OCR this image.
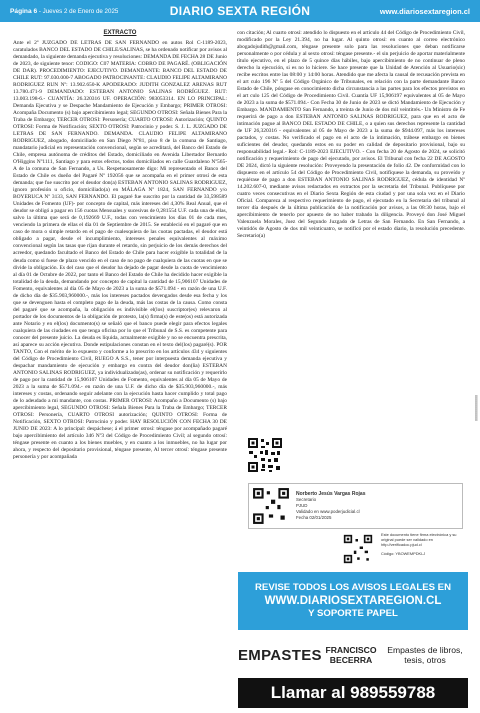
Página 6 - Jueves 2 de Enero de 2025	DIARIO SEXTA REGIÓN	www.diariosextaregion.cl
EXTRACTO

Ante el 2º JUZGADO DE LETRAS DE SAN FERNANDO en autos Rol C-1189-2023, caratulados BANCO DEL ESTADO DE CHILE/SALINAS, se ha ordenado notificar por avisos al demandado, la siguiente demanda ejecutiva y resoluciones: DEMANDA DE FECHA 28 DE Junio de 2023, de siguiente tenor: CODIGO: C07 MATERIA: COBRO DE PAGARÉ. (OBLIGACIÓN DE DAR). PROCEDIMIENTO: EJECUTIVO. DEMANDANTE: BANCO DEL ESTADO DE CHILE RUT: 97.030.000-7 ABOGADO PATROCINANTE: CLAUDIO FELIPE ALTAMIRANO RODRIGUEZ RUN Nº: 13.902.650-K APODERADO: JUDITH GONZALEZ ARENAS RUT 13.780.471-9 DEMANDADO: ESTEBAN ANTONIO SALINAS RODRÍGUEZ. RUT: 13.003.198-6.- CUANTÍA: 26.320316 UF. OPERACIÓN: 983053314. EN LO PRINCIPAL: Demanda Ejecutiva y se Despache Mandamiento de Ejecución y Embargo; PRIMER OTROSI: Acompaña Documento (s) bajo apercibimiento legal; SEGUNDO OTROSI: Señala Bienes Para la Traba de Embargo; TERCER OTROSI: Personería; CUARTO OTROSI: Autorización; QUINTO OTROSI: Forma de Notificación; SEXTO OTROSI: Patrocinio y poder. S. J. L. JUZGADO DE LETRAS DE SAN FERNANDO. DEMANDA. CLAUDIO FELIPE ALTAMIRANO RODRIGUEZ, abogado, domiciliado en San Diego Nº81, piso 8 de la comuna de Santiago, mandatario judicial en representación convencional, según se acreditará, del Banco del Estado de Chile, empresa autónoma de créditos del Estado, domiciliado en Avenida Libertador Bernardo O'Higgins Nº1111, Santiago y para estos efectos, todos domiciliados en calle Guardaleno Nº565-A de la comuna de San Fernando, a Us. Respetuosamente digo: Mi representado el Banco del Estado de Chile es dueño del Pagaré Nº 192056 que se acompaña en el primer otrosí de esta demanda; que fue suscrito por el deudor don(a) ESTEBAN ANTONIO SALINAS RODRIGUEZ, ignoro profesión u oficio, domiciliado(a) en MÁLAGA Nº 1824, SAN FERNANDO y/o BOYERUCA Nº 3133, SAN FERNANDO. El pagaré fue suscrito por la cantidad de 33,598589 Unidades de Fomento (UF)- por concepto de capital, más intereses del 4,30% Real Anual, que el deudor se obligó a pagar en 156 cuotas Mensuales y sucesivas de 0,281554 U.F. cada una de ellas, salvo la última que será de 0,192669 U.F., todas con vencimiento los días 01 de cada mes, venciendo la primera de ellas el día 01 de Septiembre de 2015. Se estableció en el pagaré que en caso de mora o simple retardo en el pago de cualesquiera de las cuotas pactadas, el deudor está obligado a pagar, desde el incumplimiento, intereses penales equivalentes al máximo convencional según las tasas que rijan durante el retardo, sin perjuicio de los demás derechos del acreedor, quedando facultado el Banco del Estado de Chile para hacer exigible la totalidad de la deuda como si fuese de plazo vencido en el caso de no pago de cualquiera de las cuotas en que se divide la obligación. Es del caso que el deudor ha dejado de pagar desde la cuota de vencimiento al día 01 de Octubre de 2022, por tanto el Banco del Estado de Chile ha decidido hacer exigible la totalidad de la deuda, demandando por concepto de capital la cantidad de 15,906107 Unidades de Fomento, equivalentes al día 05 de Mayo de 2023 a la suma de $571.094 - en razón de una U.F. de dicho día de $35.903,960000.-, más los intereses pactados devengados desde esa fecha y los que se devenguen hasta el completo pago de la deuda, más las costas de la causa. Como consta del pagaré que se acompaña, la obligación es indivisible el(los) suscriptor(es) relevaron al portador de los documentos de la obligación de protesto, la(s) firma(s) de este(os) está autorizada ante Notario y en el(los) documento(s) se señaló que el banco puede elegir para efectos legales cualquiera de las ciudades en que tenga oficina por lo que el Tribunal de S.S. es competente para conocer del presente juicio. La deuda es líquida, actualmente exigible y no se encuentra prescrita, así aparece su acción ejecutiva. Donde estipulaciones constan en el texto del(los) pagaré(s). POR TANTO, Con el mérito de lo expuesto y conforme a lo prescrito en los artículos 434 y siguientes del Código de Procedimiento Civil, RUEGO A S.S., tener por interpuesta demanda ejecutiva y despachar mandamiento de ejecución y embargo en contra del deudor don(ña) ESTEBAN ANTONIO SALINAS RODRIGUEZ, ya individualizado(as), ordenar su notificación y requerirlo de pago por la cantidad de 15,906107 Unidades de Fomento, equivalentes al día 05 de Mayo de 2023 a la suma de $571.094.- en razón de una U.F. de dicho día de $35.903,960000.-, más intereses y costas, ordenando seguir adelante con la ejecución hasta hacer cumplido y total pago de lo adeudado a mi mandante, con costas. PRIMER OTROSI: Acompaño a Documento (s) bajo apercibimiento legal, SEGUNDO OTROSI: Señala Bienes Para la Traba de Embargo; TERCER OTROSI: Personería, CUARTO OTROSI autorización; QUINTO OTROSI: Forma de Notificación, SEXTO OTROSI: Patrocinio y poder. HAY RESOLUCIÓN CON FECHA 30 DE JUNIO DE 2023: A lo principal: despáchese; á el primer otrosí: téngase por acompañado pagaré bajo apercibimiento del artículo 346 Nº3 del Código de Procedimiento Civil; al segundo otrosí: téngase presente en cuanto a los bienes muebles, y en cuanto a los inmuebles, no ha lugar por ahora, y respecto del depositario provisional, téngase presente, Al tercer otrosí: téngase presente personería y por acompañada

con citación; Al cuarto otrosí: atendido lo dispuesto en el artículo 44 del Código de Procedimiento Civil, modificado por la Ley 21.394, no ha lugar. Al quinto otrosí: en cuanto al correo electrónico abogadojudith@gmail.com, téngase presente solo para las resoluciones que deban notificarse personalmente o por cédula y al sexto otrosí: téngase presente.- el sin perjuicio de aportar materialmente título ejecutivo, en el plazo de 5 quince días hábiles, bajo apercibimiento de no continuar de pleno derecho la ejecución, si es no lo hiciere. Se hace presente que la Unidad de Atención al Usuario(sic) recibe escritos entre las 08:00 y 14:00 horas. Atendido que me afecta la causal de recusación prevista en el art culo 196 Nº 5 del Código Orgánico de Tribunales, en relación con la parte demandante Banco Estado de Chile, póngase en conocimiento dicha circunstancia a las partes para los efectos previstos en el art culo 125 del Código de Procedimiento Civil. Cuantía UF 15,906197 equivalentes al 05 de Mayo de 2023 a la suma de $571.094.- Con Fecha 30 de Junio de 2023 se dictó Mandamiento de Ejecución y Embargo. MANDAMIENTO San Fernando, a treinta de Junio de dos mil veintitrés.- Un Ministro de Fe requerirá de pago a don ESTEBAN ANTONIO SALINAS RODRIGUEZ, para que en el acto de intimación pague al BANCO DEL ESTADO DE CHILE, o a quien sus derechos represente la cantidad de UF 26,320316 - equivalentes al 05 de Mayo de 2023 a la suma de $944.097, más los intereses pactados, y costas. No verificado el pago en el acto de la intimación, trábese embargo en bienes suficientes del deudor, quedando estos en su poder en calidad de depositario provisional, bajo su responsabilidad legal.- Rol: C-1189-2023 EJECUTIVO. - Con fecha 20 de Agosto de 2024, se solicitó notificación y requerimiento de pago del ejecutado, por avisos. El Tribunal con fecha 22 DE AGOSTO DE 2024, dictó la siguiente resolución: Proveyendo la presentación de folio 42. De conformidad con lo dispuesto en el artículo 54 del Código de Procedimiento Civil, notifíquese la demanda, su proveído y requiérase de pago a don ESTEBAN ANTONIO SALINAS RODRIGUEZ, cédula de identidad Nº 14.202.607-0, mediante avisos redactados en extractos por la secretaria del Tribunal. Publíquese por cuatro veces consecutivas en el Diario Sexta Región de esta ciudad y por una sola vez en el Diario Oficial. Compareza al respectivo requerimiento de pago, el ejecutado en la Secretaria del tribunal al tercer día después de la última publicación de la notificación por avisos, a las 08:30 horas, bajo el apercibimiento de tenerlo por apuesto de no haber trabado la diligencia. Proveyó don José Miguel Valenzuela Morales, Juez del Segundo Juzgado de Letras de San Fernando. En San Fernando, a veintidós de Agosto de dos mil veinticuatro, se notificó por el estado diario, la resolución precedente. Secretario(a)

0000000000000
Norberto Jesús Vargas Rojas
Secretario
PJUD
Validado en www.poderjudicial.cl
Fecha 02/01/2025
Este documento tiene firma electrónica y su original puede ser validado en http://verificadoc.pjud.cl
Código: YBOWEMPDKLJ
REVISE TODOS LOS AVISOS LEGALES EN
WWW.DIARIOSEXTAREGION.CL
Y SOPORTE PAPEL
EMPASTES FRANCISCO
BECERRA
Empastes de libros, tesis, otros
Llamar al 989559788
